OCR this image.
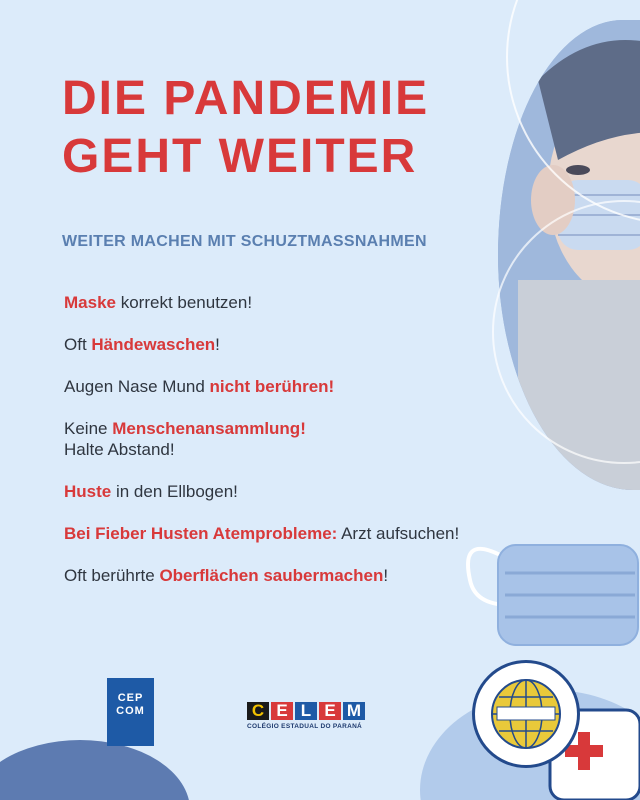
DIE PANDEMIE
GEHT WEITER
WEITER MACHEN MIT SCHUZTMASSNAHMEN
Maske korrekt benutzen!
Oft Händewaschen!
Augen Nase Mund nicht berühren!
Keine Menschenansammlung!
Halte Abstand!
Huste in den Ellbogen!
Bei Fieber Husten Atemprobleme: Arzt aufsuchen!
Oft berührte Oberflächen saubermachen!
CEP
COM	C E L E M
COLÉGIO ESTADUAL DO PARANÁ
